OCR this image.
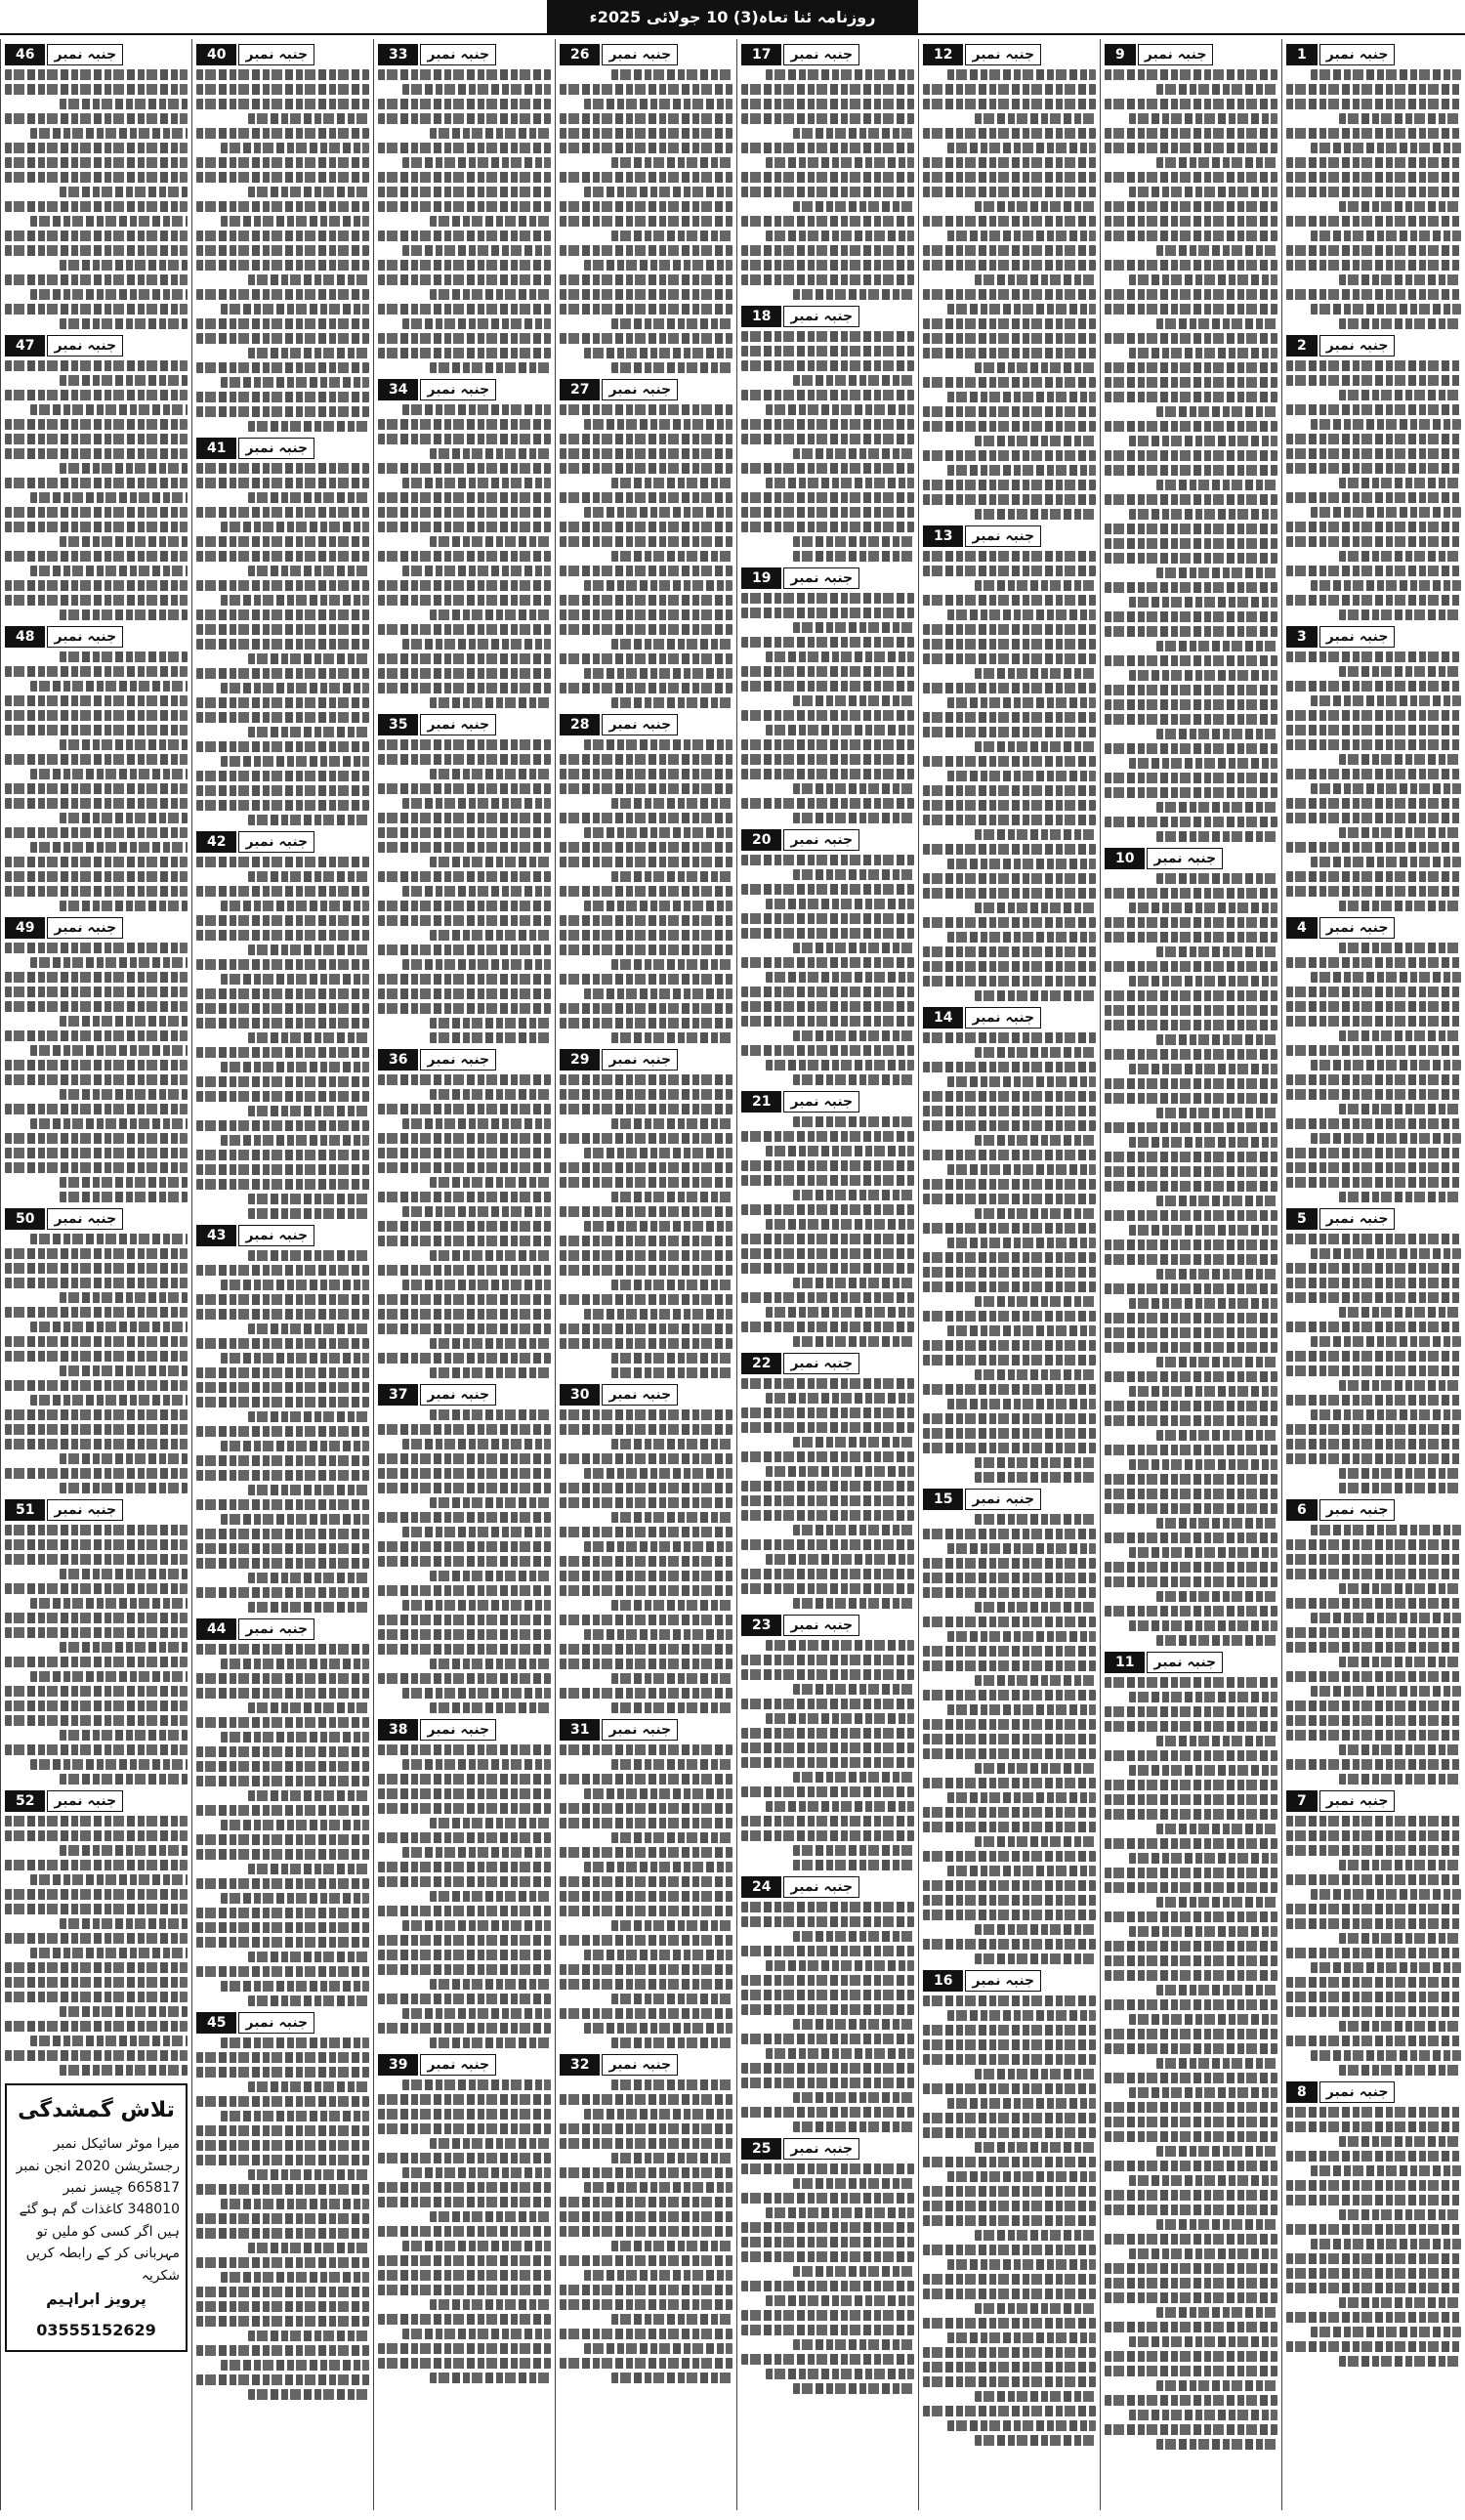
روزنامہ ئنا تعاہ(3) 10 جولائی 2025ء
جنبہ نمبر
1
جنبہ نمبر
2
جنبہ نمبر
3
جنبہ نمبر
4
جنبہ نمبر
5
جنبہ نمبر
6
جنبہ نمبر
7
جنبہ نمبر
8
جنبہ نمبر
9
جنبہ نمبر
10
جنبہ نمبر
11
جنبہ نمبر
12
جنبہ نمبر
13
جنبہ نمبر
14
جنبہ نمبر
15
جنبہ نمبر
16
جنبہ نمبر
17
جنبہ نمبر
18
جنبہ نمبر
19
جنبہ نمبر
20
جنبہ نمبر
21
جنبہ نمبر
22
جنبہ نمبر
23
جنبہ نمبر
24
جنبہ نمبر
25
جنبہ نمبر
26
جنبہ نمبر
27
جنبہ نمبر
28
جنبہ نمبر
29
جنبہ نمبر
30
جنبہ نمبر
31
جنبہ نمبر
32
جنبہ نمبر
33
جنبہ نمبر
34
جنبہ نمبر
35
جنبہ نمبر
36
جنبہ نمبر
37
جنبہ نمبر
38
جنبہ نمبر
39
جنبہ نمبر
40
جنبہ نمبر
41
جنبہ نمبر
42
جنبہ نمبر
43
جنبہ نمبر
44
جنبہ نمبر
45
جنبہ نمبر
46
جنبہ نمبر
47
جنبہ نمبر
48
جنبہ نمبر
49
جنبہ نمبر
50
جنبہ نمبر
51
جنبہ نمبر
52
تلاش گمشدگی
میرا موٹر سائیکل نمبر رجسٹریشن 2020 انجن نمبر 665817 چیسز نمبر 348010 کاغذات گم ہو گئے ہیں اگر کسی کو ملیں تو مہربانی کر کے رابطہ کریں شکریہ
پرویز ابراہیم
03555152629
